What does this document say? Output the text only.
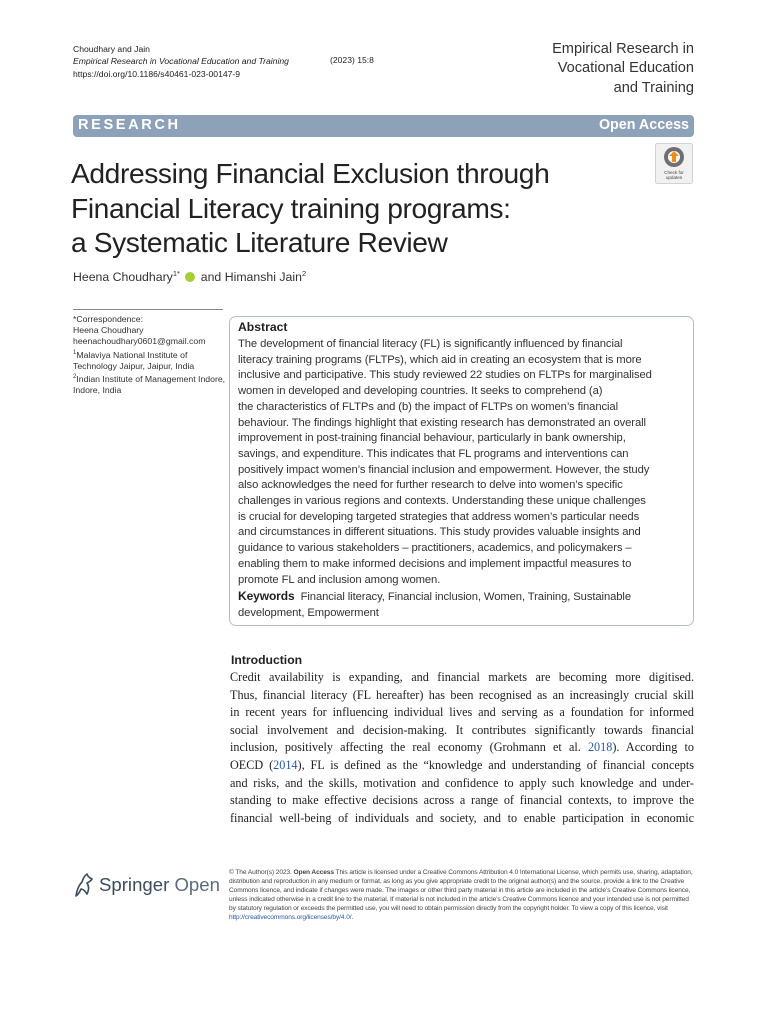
Choudhary and Jain
Empirical Research in Vocational Education and Training
https://doi.org/10.1186/s40461-023-00147-9
(2023) 15:8
Empirical Research in
Vocational Education
and Training
RESEARCH	Open Access
Addressing Financial Exclusion through
Financial Literacy training programs:
a Systematic Literature Review
Check for
updates
Heena Choudhary$^{1*}$ and Himanshi Jain$^2$
*Correspondence:
Heena Choudhary
heenachoudhary0601@gmail.com
$^1$Malaviya National Institute of Technology Jaipur, Jaipur, India
$^2$Indian Institute of Management Indore, Indore, India
Abstract
The development of financial literacy (FL) is significantly influenced by financial
literacy training programs (FLTPs), which aid in creating an ecosystem that is more
inclusive and participative. This study reviewed 22 studies on FLTPs for marginalised
women in developed and developing countries. It seeks to comprehend (a)
the characteristics of FLTPs and (b) the impact of FLTPs on women’s financial
behaviour. The findings highlight that existing research has demonstrated an overall
improvement in post-training financial behaviour, particularly in bank ownership,
savings, and expenditure. This indicates that FL programs and interventions can
positively impact women’s financial inclusion and empowerment. However, the study
also acknowledges the need for further research to delve into women’s specific
challenges in various regions and contexts. Understanding these unique challenges
is crucial for developing targeted strategies that address women’s particular needs
and circumstances in different situations. This study provides valuable insights and
guidance to various stakeholders – practitioners, academics, and policymakers –
enabling them to make informed decisions and implement impactful measures to
promote FL and inclusion among women.
Keywords Financial literacy, Financial inclusion, Women, Training, Sustainable
development, Empowerment
Introduction
Credit availability is expanding, and financial markets are becoming more digitised.
Thus, financial literacy (FL hereafter) has been recognised as an increasingly crucial skill
in recent years for influencing individual lives and serving as a foundation for informed
social involvement and decision-making. It contributes significantly towards financial
inclusion, positively affecting the real economy (Grohmann et al. 2018). According to
OECD (2014), FL is defined as the “knowledge and understanding of financial concepts
and risks, and the skills, motivation and confidence to apply such knowledge and under-
standing to make effective decisions across a range of financial contexts, to improve the
financial well-being of individuals and society, and to enable participation in economic
Springer Open
© The Author(s) 2023. Open Access This article is licensed under a Creative Commons Attribution 4.0 International License, which permits use, sharing, adaptation, distribution and reproduction in any medium or format, as long as you give appropriate credit to the original author(s) and the source, provide a link to the Creative Commons licence, and indicate if changes were made. The images or other third party material in this article are included in the article’s Creative Commons licence, unless indicated otherwise in a credit line to the material. If material is not included in the article’s Creative Commons licence and your intended use is not permitted by statutory regulation or exceeds the permitted use, you will need to obtain permission directly from the copyright holder. To view a copy of this licence, visit http://creativecommons.org/licenses/by/4.0/.
